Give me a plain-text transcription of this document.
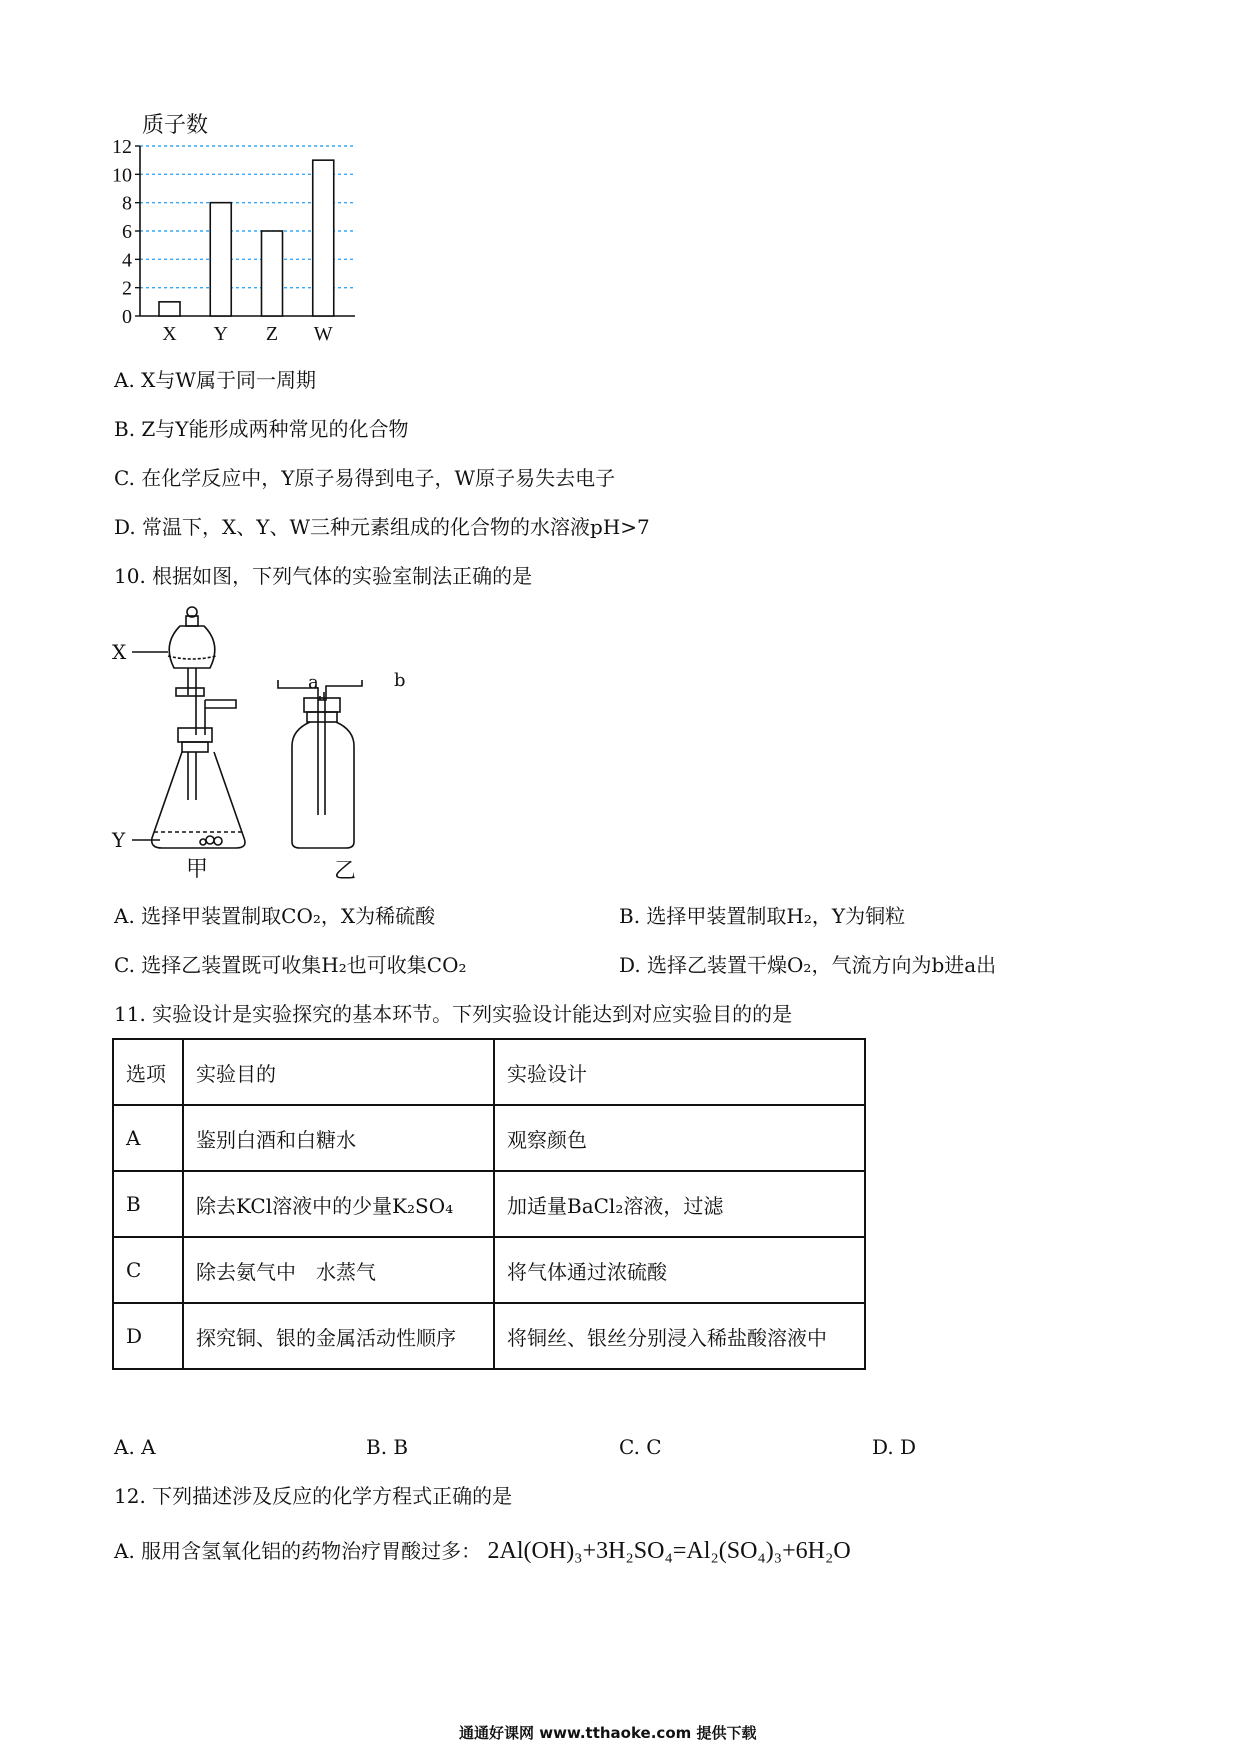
质子数
0
2
4
6
8
10
12
X Y Z W
A. X与W属于同一周期
B. Z与Y能形成两种常见的化合物
C. 在化学反应中，Y原子易得到电子，W原子易失去电子
D. 常温下，X、Y、W三种元素组成的化合物的水溶液pH>7
10. 根据如图，下列气体的实验室制法正确的是
X
Y
a	b
甲	乙
A. 选择甲装置制取CO₂，X为稀硫酸	B. 选择甲装置制取H₂，Y为铜粒
C. 选择乙装置既可收集H₂也可收集CO₂	D. 选择乙装置干燥O₂，气流方向为b进a出
11. 实验设计是实验探究的基本环节。下列实验设计能达到对应实验目的的是
选项	实验目的	实验设计
A	鉴别白酒和白糖水	观察颜色
B	除去KCl溶液中的少量K₂SO₄	加适量BaCl₂溶液，过滤
C	除去氨气中　水蒸气	将气体通过浓硫酸
D	探究铜、银的金属活动性顺序	将铜丝、银丝分别浸入稀盐酸溶液中
A. A	B. B	C. C	D. D
12. 下列描述涉及反应的化学方程式正确的是
A. 服用含氢氧化铝的药物治疗胃酸过多： 2Al(OH)₃+3H₂SO₄=Al₂(SO₄)₃+6H₂O
通通好课网 www.tthaoke.com 提供下载
